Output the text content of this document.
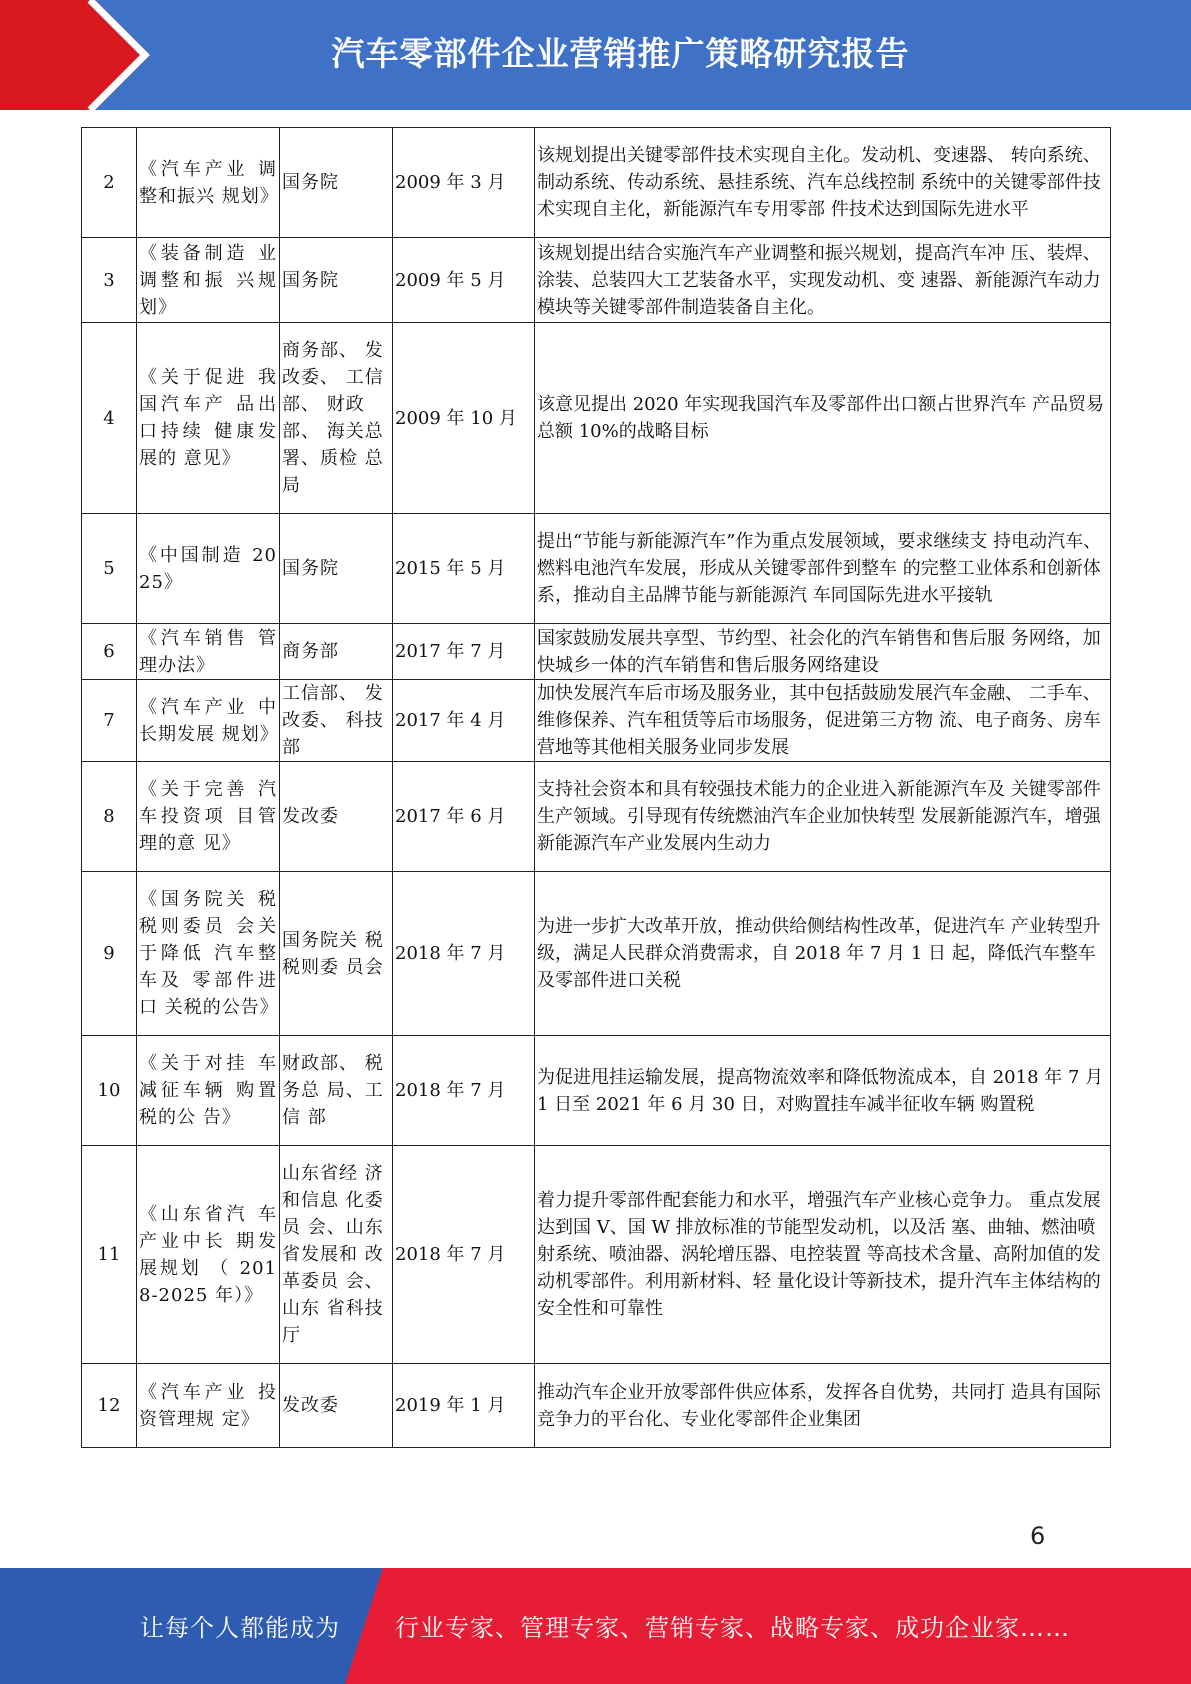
汽车零部件企业营销推广策略研究报告
2	《汽车产业 调整和振兴 规划》	国务院	2009 年 3 月	该规划提出关键零部件技术实现自主化。发动机、变速器、 转向系统、制动系统、传动系统、悬挂系统、汽车总线控制 系统中的关键零部件技术实现自主化，新能源汽车专用零部 件技术达到国际先进水平
3	《装备制造 业调整和振 兴规划》	国务院	2009 年 5 月	该规划提出结合实施汽车产业调整和振兴规划，提高汽车冲 压、装焊、涂装、总装四大工艺装备水平，实现发动机、变 速器、新能源汽车动力模块等关键零部件制造装备自主化。
4	《关于促进 我国汽车产 品出口持续 健康发展的 意见》	商务部、 发改委、 工信部、 财政部、 海关总署、质检 总局	2009 年 10 月	该意见提出 2020 年实现我国汽车及零部件出口额占世界汽车 产品贸易总额 10%的战略目标
5	《中国制造 2025》	国务院	2015 年 5 月	提出“节能与新能源汽车”作为重点发展领域，要求继续支 持电动汽车、燃料电池汽车发展，形成从关键零部件到整车 的完整工业体系和创新体系，推动自主品牌节能与新能源汽 车同国际先进水平接轨
6	《汽车销售 管理办法》	商务部	2017 年 7 月	国家鼓励发展共享型、节约型、社会化的汽车销售和售后服 务网络，加快城乡一体的汽车销售和售后服务网络建设
7	《汽车产业 中长期发展 规划》	工信部、 发改委、 科技部	2017 年 4 月	加快发展汽车后市场及服务业，其中包括鼓励发展汽车金融、 二手车、维修保养、汽车租赁等后市场服务，促进第三方物 流、电子商务、房车营地等其他相关服务业同步发展
8	《关于完善 汽车投资项 目管理的意 见》	发改委	2017 年 6 月	支持社会资本和具有较强技术能力的企业进入新能源汽车及 关键零部件生产领域。引导现有传统燃油汽车企业加快转型 发展新能源汽车，增强新能源汽车产业发展内生动力
9	《国务院关 税税则委员 会关于降低 汽车整车及 零部件进口 关税的公告》	国务院关 税税则委 员会	2018 年 7 月	为进一步扩大改革开放，推动供给侧结构性改革，促进汽车 产业转型升级，满足人民群众消费需求，自 2018 年 7 月 1 日 起，降低汽车整车及零部件进口关税
10	《关于对挂 车减征车辆 购置税的公 告》	财政部、 税务总 局、工信 部	2018 年 7 月	为促进甩挂运输发展，提高物流效率和降低物流成本，自 2018 年 7 月 1 日至 2021 年 6 月 30 日，对购置挂车减半征收车辆 购置税
11	《山东省汽 车产业中长 期发展规划 （ 2018-2025 年）》	山东省经 济和信息 化委员 会、山东省发展和 改革委员 会、山东 省科技厅	2018 年 7 月	着力提升零部件配套能力和水平，增强汽车产业核心竞争力。 重点发展达到国 V、国 W 排放标准的节能型发动机，以及活 塞、曲轴、燃油喷射系统、喷油器、涡轮增压器、电控装置 等高技术含量、高附加值的发动机零部件。利用新材料、轻 量化设计等新技术，提升汽车主体结构的安全性和可靠性
12	《汽车产业 投资管理规 定》	发改委	2019 年 1 月	推动汽车企业开放零部件供应体系，发挥各自优势，共同打 造具有国际竞争力的平台化、专业化零部件企业集团
6
让每个人都能成为 行业专家、管理专家、营销专家、战略专家、成功企业家……
